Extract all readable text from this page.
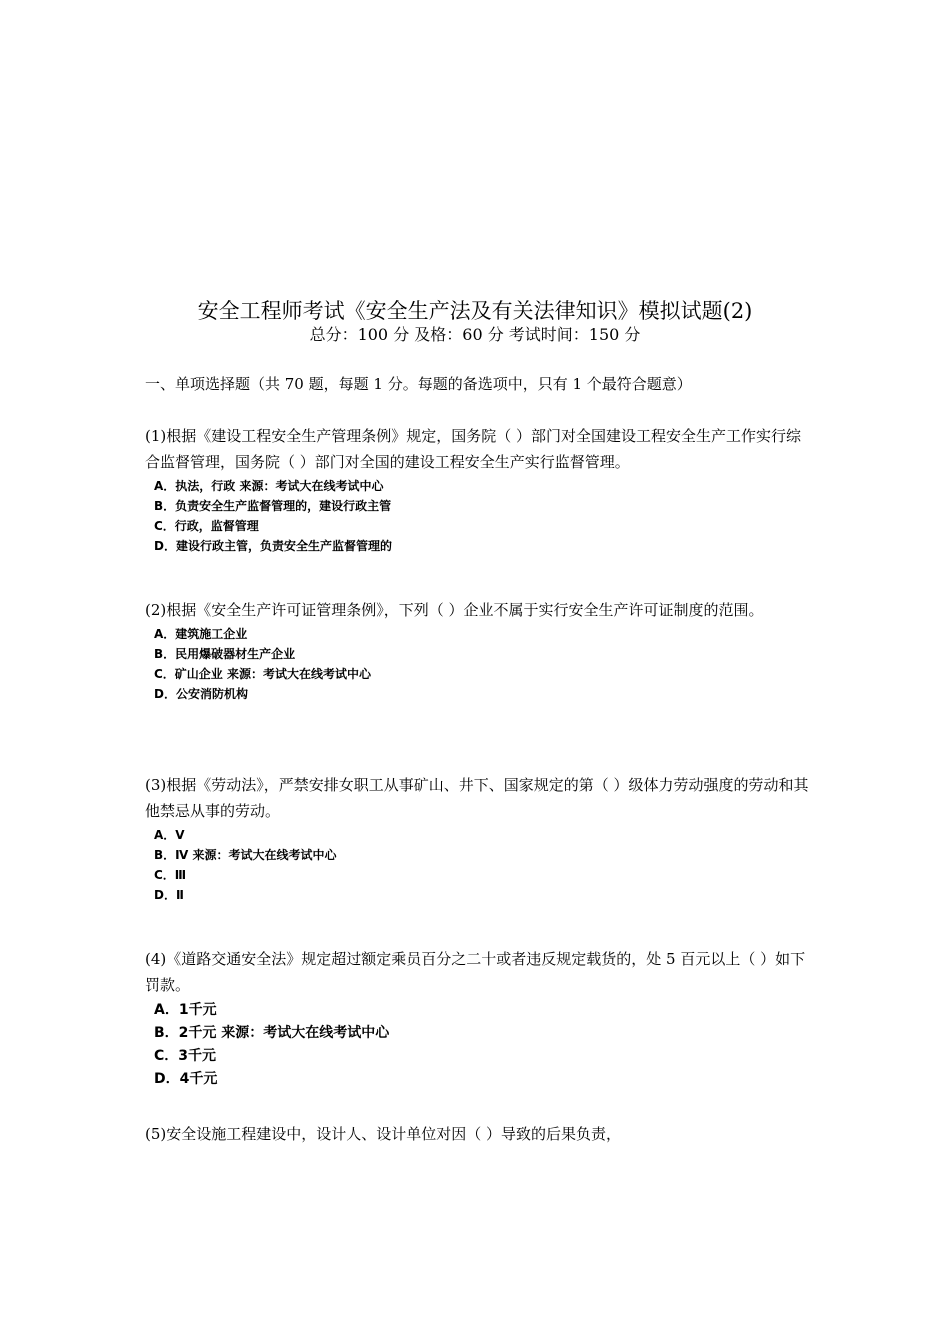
安全工程师考试《安全生产法及有关法律知识》模拟试题(2)
总分：100 分 及格：60 分 考试时间：150 分
一、单项选择题（共 70 题，每题 1 分。每题的备选项中，只有 1 个最符合题意）
(1)根据《建设工程安全生产管理条例》规定，国务院（ ）部门对全国建设工程安全生产工作实行综合监督管理，国务院（ ）部门对全国的建设工程安全生产实行监督管理。
A．执法，行政 来源：考试大在线考试中心
B．负责安全生产监督管理的，建设行政主管
C．行政，监督管理
D．建设行政主管，负责安全生产监督管理的
(2)根据《安全生产许可证管理条例》，下列（ ）企业不属于实行安全生产许可证制度的范围。
A．建筑施工企业
B．民用爆破器材生产企业
C．矿山企业 来源：考试大在线考试中心
D．公安消防机构
(3)根据《劳动法》，严禁安排女职工从事矿山、井下、国家规定的第（ ）级体力劳动强度的劳动和其他禁忌从事的劳动。
A．V
B．Ⅳ 来源：考试大在线考试中心
C．Ⅲ
D．Ⅱ
(4)《道路交通安全法》规定超过额定乘员百分之二十或者违反规定载货的，处 5 百元以上（ ）如下罚款。
A．1千元
B．2千元 来源：考试大在线考试中心
C．3千元
D．4千元
(5)安全设施工程建设中，设计人、设计单位对因（ ）导致的后果负责，
